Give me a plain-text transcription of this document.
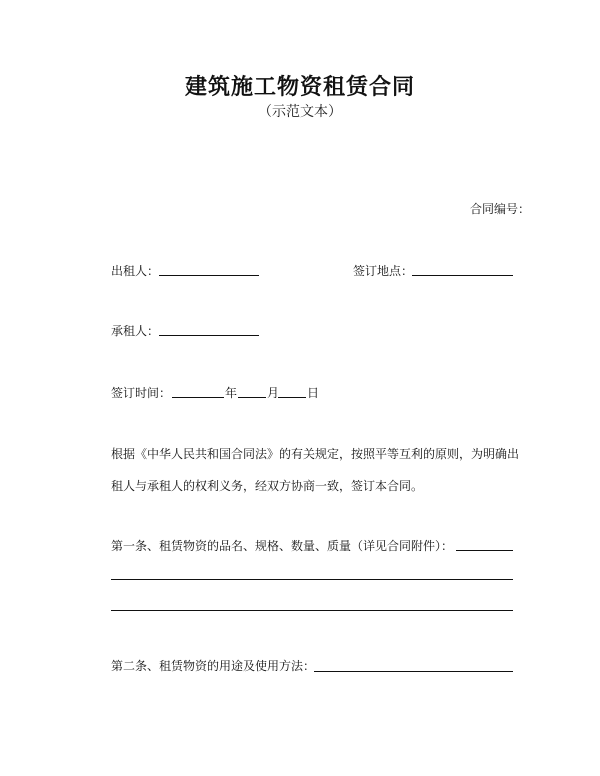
建筑施工物资租赁合同
（示范文本）
合同编号：
出租人：	签订地点：
承租人：
签订时间：	年 月 日
根据《中华人民共和国合同法》的有关规定，按照平等互利的原则，为明确出
租人与承租人的权利义务，经双方协商一致，签订本合同。
第一条、租赁物资的品名、规格、数量、质量（详见合同附件）：
第二条、租赁物资的用途及使用方法：
